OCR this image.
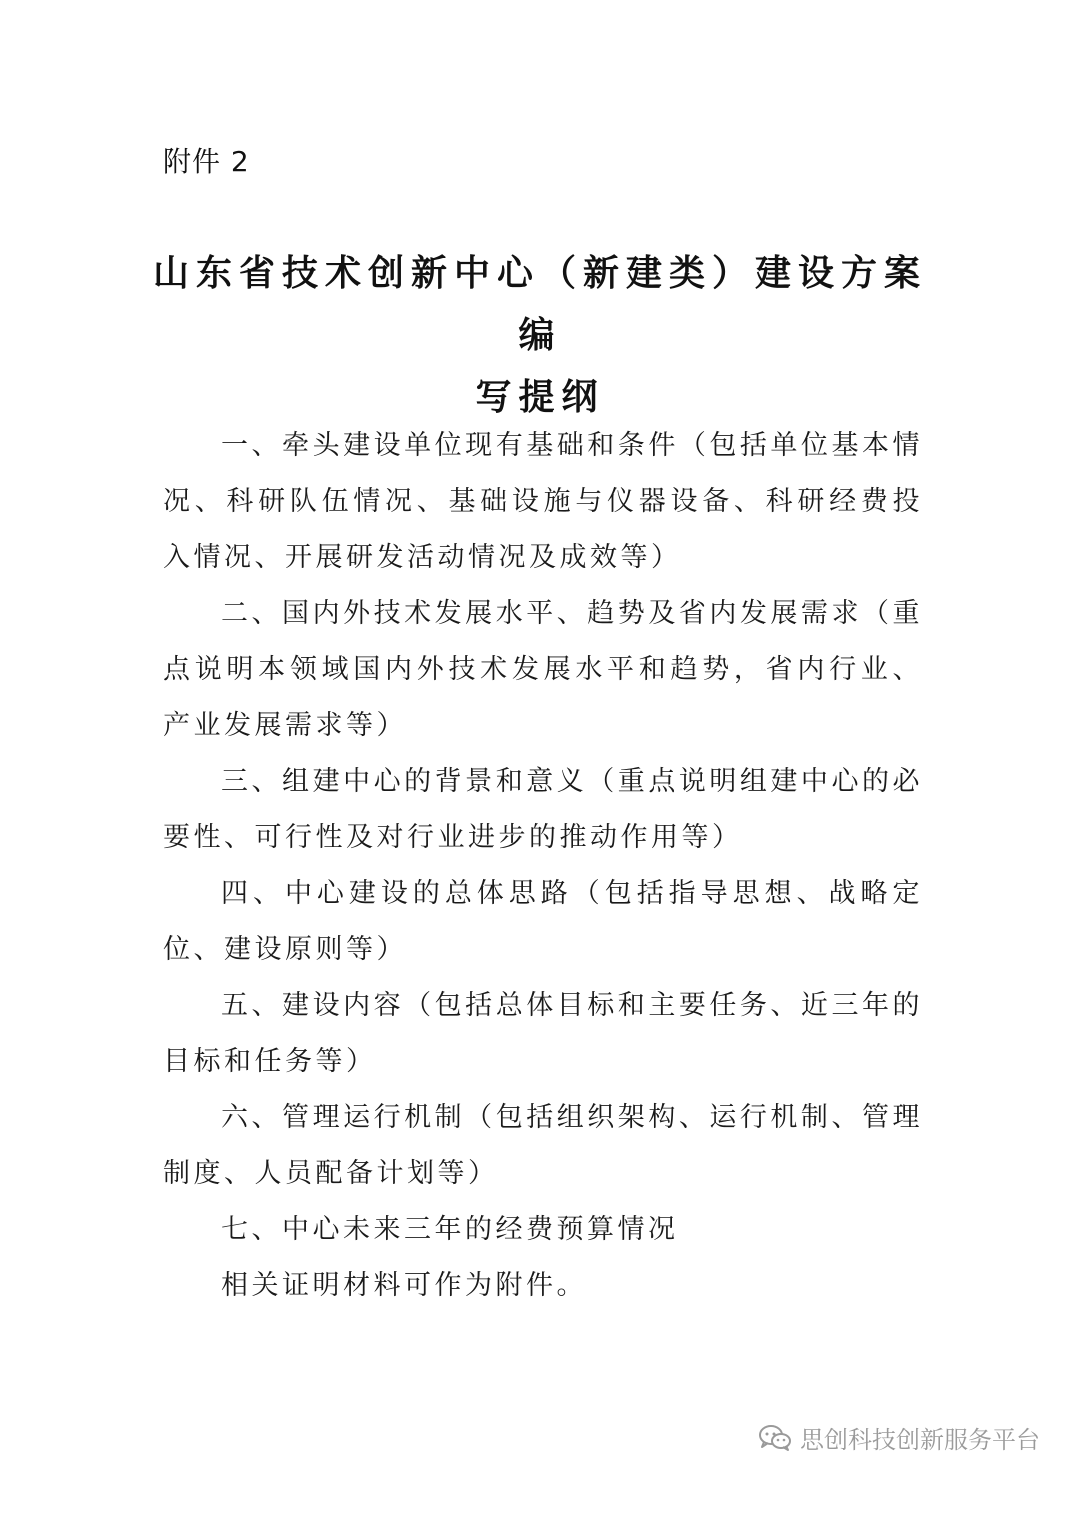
附件 2
山东省技术创新中心（新建类）建设方案编
写提纲

一、牵头建设单位现有基础和条件（包括单位基本情况、科研队伍情况、基础设施与仪器设备、科研经费投入情况、开展研发活动情况及成效等）

二、国内外技术发展水平、趋势及省内发展需求（重点说明本领域国内外技术发展水平和趋势，省内行业、产业发展需求等）

三、组建中心的背景和意义（重点说明组建中心的必要性、可行性及对行业进步的推动作用等）

四、中心建设的总体思路（包括指导思想、战略定位、建设原则等）

五、建设内容（包括总体目标和主要任务、近三年的目标和任务等）

六、管理运行机制（包括组织架构、运行机制、管理制度、人员配备计划等）

七、中心未来三年的经费预算情况

相关证明材料可作为附件。

思创科技创新服务平台
